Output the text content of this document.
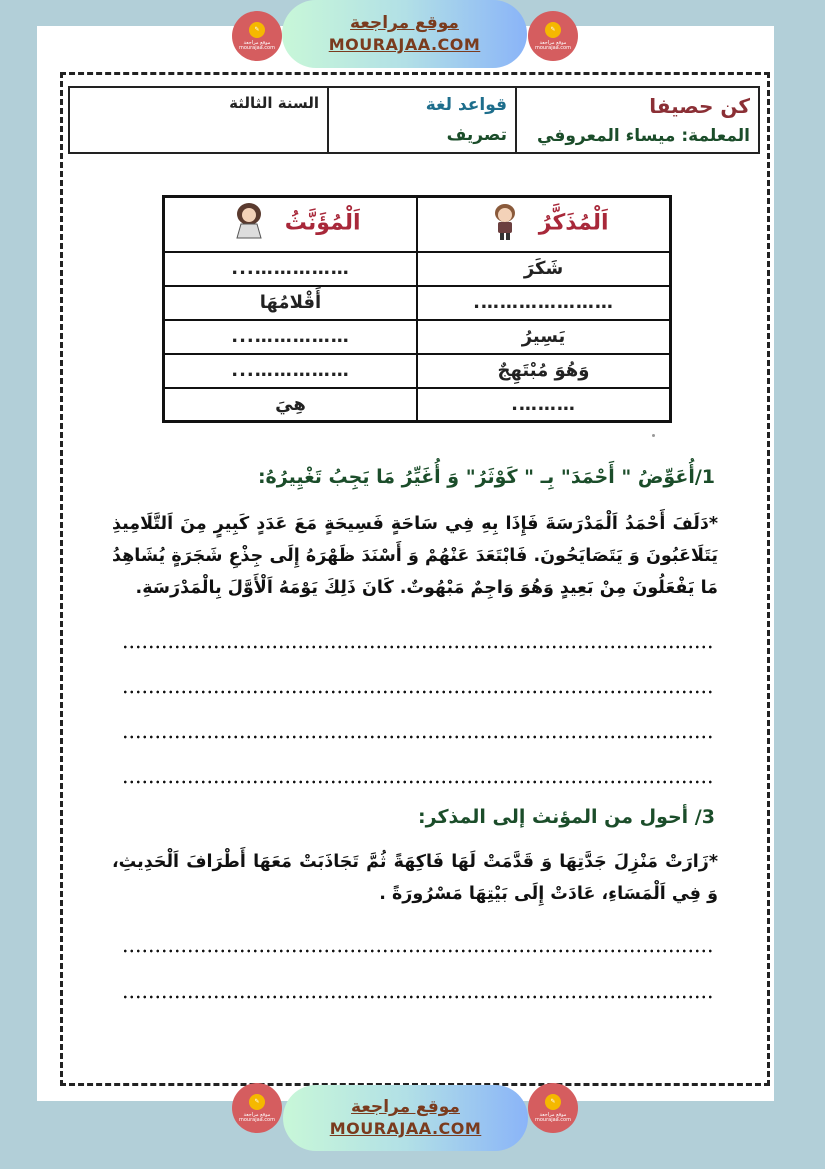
✎
موقع مراجعة mourajaa.com
موقع مراجعة
MOURAJAA.COM
✎
موقع مراجعة mourajaa.com
كن حصيفا
المعلمة: ميساء المعروفي
قواعد لغة
تصريف
السنة الثالثة
اَلْمُذَكَّرُ	اَلْمُؤَنَّثُ
شَكَرَ	……………...
………………….	أَقْلامُهَا
يَسِيرُ	……………...
وَهُوَ مُبْتَهِجٌ	……………...
……….	هِيَ
1/أُعَوِّضُ " أَحْمَدَ" بِـ " كَوْثَرُ" وَ أُغَيِّرُ مَا يَجِبُ تَغْيِيرُهُ:
*دَلَفَ أَحْمَدُ اَلْمَدْرَسَةَ فَإِذَا بِهِ فِي سَاحَةٍ فَسِيحَةٍ مَعَ عَدَدٍ كَبِيرٍ مِنَ اَلتَّلَامِيذِ يَتَلَاعَبُونَ وَ يَتَصَايَحُونَ. فَابْتَعَدَ عَنْهُمْ وَ أَسْنَدَ ظَهْرَهُ إِلَى جِذْعِ شَجَرَةٍ يُشَاهِدُ مَا يَفْعَلُونَ مِنْ بَعِيدٍ وَهُوَ وَاجِمٌ مَبْهُوتٌ. كَانَ ذَلِكَ يَوْمَهُ اَلْأَوَّلَ بِالْمَدْرَسَةِ.
3/ أحول من المؤنث إلى المذكر:
*زَارَتْ مَنْزِلَ جَدَّتِهَا وَ قَدَّمَتْ لَهَا فَاكِهَةً ثُمَّ تَجَاذَبَتْ مَعَهَا أَطْرَافَ اَلْحَدِيثِ، وَ فِي اَلْمَسَاءِ، عَادَتْ إِلَى بَيْتِهَا مَسْرُورَةً .
✎
موقع مراجعة mourajaa.com
موقع مراجعة
MOURAJAA.COM
✎
موقع مراجعة mourajaa.com
